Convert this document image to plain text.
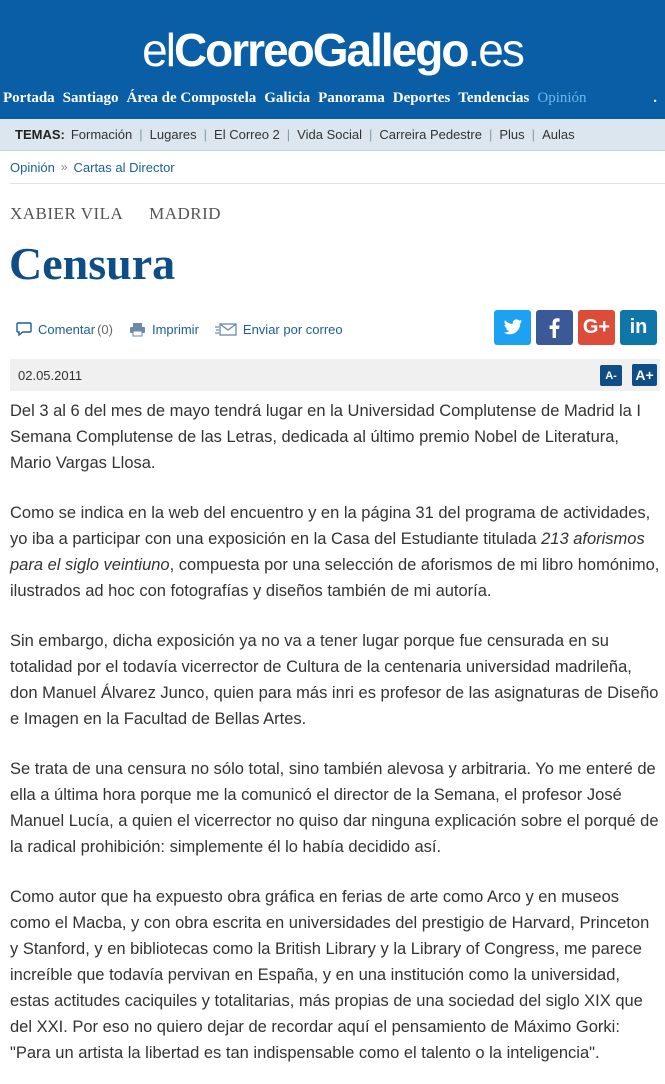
elCorreoGallego.es
Portada Santiago Área de Compostela Galicia Panorama Deportes Tendencias Opinión	.
TEMAS: Formación | Lugares | El Correo 2 | Vida Social | Carreira Pedestre | Plus | Aulas
Opinión » Cartas al Director
XABIER VILA MADRID
Censura
Comentar (0)	Imprimir	Enviar por correo	G+ in
02.05.2011	A-	A+

Del 3 al 6 del mes de mayo tendrá lugar en la Universidad Complutense de Madrid la I Semana Complutense de las Letras, dedicada al último premio Nobel de Literatura, Mario Vargas Llosa.

Como se indica en la web del encuentro y en la página 31 del programa de actividades, yo iba a participar con una exposición en la Casa del Estudiante titulada 213 aforismos para el siglo veintiuno, compuesta por una selección de aforismos de mi libro homónimo, ilustrados ad hoc con fotografías y diseños también de mi autoría.

Sin embargo, dicha exposición ya no va a tener lugar porque fue censurada en su totalidad por el todavía vicerrector de Cultura de la centenaria universidad madrileña, don Manuel Álvarez Junco, quien para más inri es profesor de las asignaturas de Diseño e Imagen en la Facultad de Bellas Artes.

Se trata de una censura no sólo total, sino también alevosa y arbitraria. Yo me enteré de ella a última hora porque me la comunicó el director de la Semana, el profesor José Manuel Lucía, a quien el vicerrector no quiso dar ninguna explicación sobre el porqué de la radical prohibición: simplemente él lo había decidido así.

Como autor que ha expuesto obra gráfica en ferias de arte como Arco y en museos como el Macba, y con obra escrita en universidades del prestigio de Harvard, Princeton y Stanford, y en bibliotecas como la British Library y la Library of Congress, me parece increíble que todavía pervivan en España, y en una institución como la universidad, estas actitudes caciquiles y totalitarias, más propias de una sociedad del siglo XIX que del XXI. Por eso no quiero dejar de recordar aquí el pensamiento de Máximo Gorki: "Para un artista la libertad es tan indispensable como el talento o la inteligencia".
